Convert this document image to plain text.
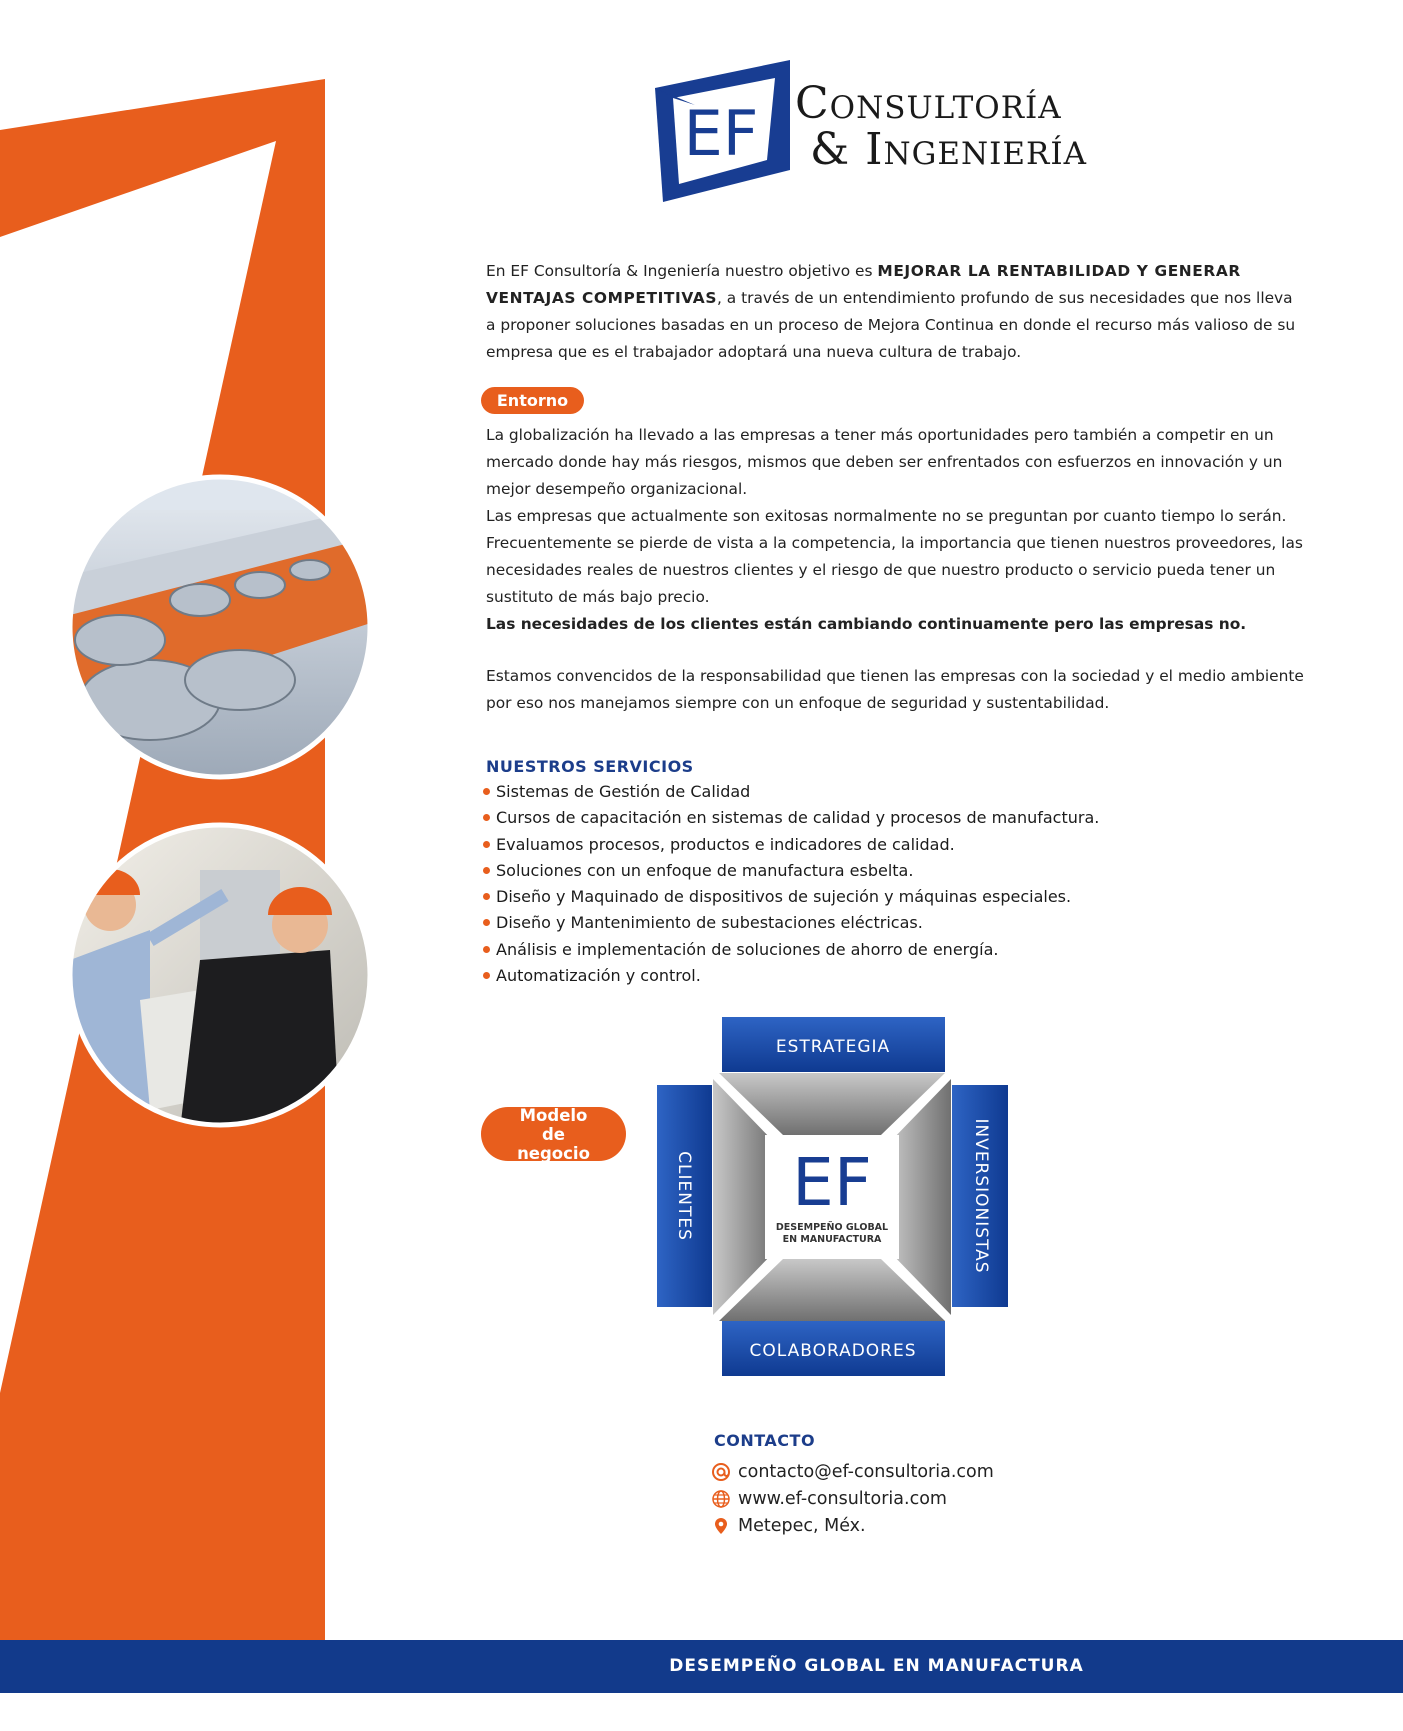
EF Consultoría
& Ingeniería
En EF Consultoría & Ingeniería nuestro objetivo es MEJORAR LA RENTABILIDAD Y GENERAR VENTAJAS COMPETITIVAS, a través de un entendimiento profundo de sus necesidades que nos lleva a proponer soluciones basadas en un proceso de Mejora Continua en donde el recurso más valioso de su empresa que es el trabajador adoptará una nueva cultura de trabajo.
Entorno

La globalización ha llevado a las empresas a tener más oportunidades pero también a competir en un mercado donde hay más riesgos, mismos que deben ser enfrentados con esfuerzos en innovación y un mejor desempeño organizacional.

Las empresas que actualmente son exitosas normalmente no se preguntan por cuanto tiempo lo serán. Frecuentemente se pierde de vista a la competencia, la importancia que tienen nuestros proveedores, las necesidades reales de nuestros clientes y el riesgo de que nuestro producto o servicio pueda tener un sustituto de más bajo precio.

Las necesidades de los clientes están cambiando continuamente pero las empresas no.

Estamos convencidos de la responsabilidad que tienen las empresas con la sociedad y el medio ambiente por eso nos manejamos siempre con un enfoque de seguridad y sustentabilidad.
NUESTROS SERVICIOS
Sistemas de Gestión de Calidad
Cursos de capacitación en sistemas de calidad y procesos de manufactura.
Evaluamos procesos, productos e indicadores de calidad.
Soluciones con un enfoque de manufactura esbelta.
Diseño y Maquinado de dispositivos de sujeción y máquinas especiales.
Diseño y Mantenimiento de subestaciones eléctricas.
Análisis e implementación de soluciones de ahorro de energía.
Automatización y control.
Modelo de negocio	EF
DESEMPEÑO GLOBAL
EN MANUFACTURA
ESTRATEGIA
COLABORADORES
CLIENTES	INVERSIONISTAS
CONTACTO
contacto@ef-consultoria.com
www.ef-consultoria.com
Metepec, Méx.
DESEMPEÑO GLOBAL EN MANUFACTURA
